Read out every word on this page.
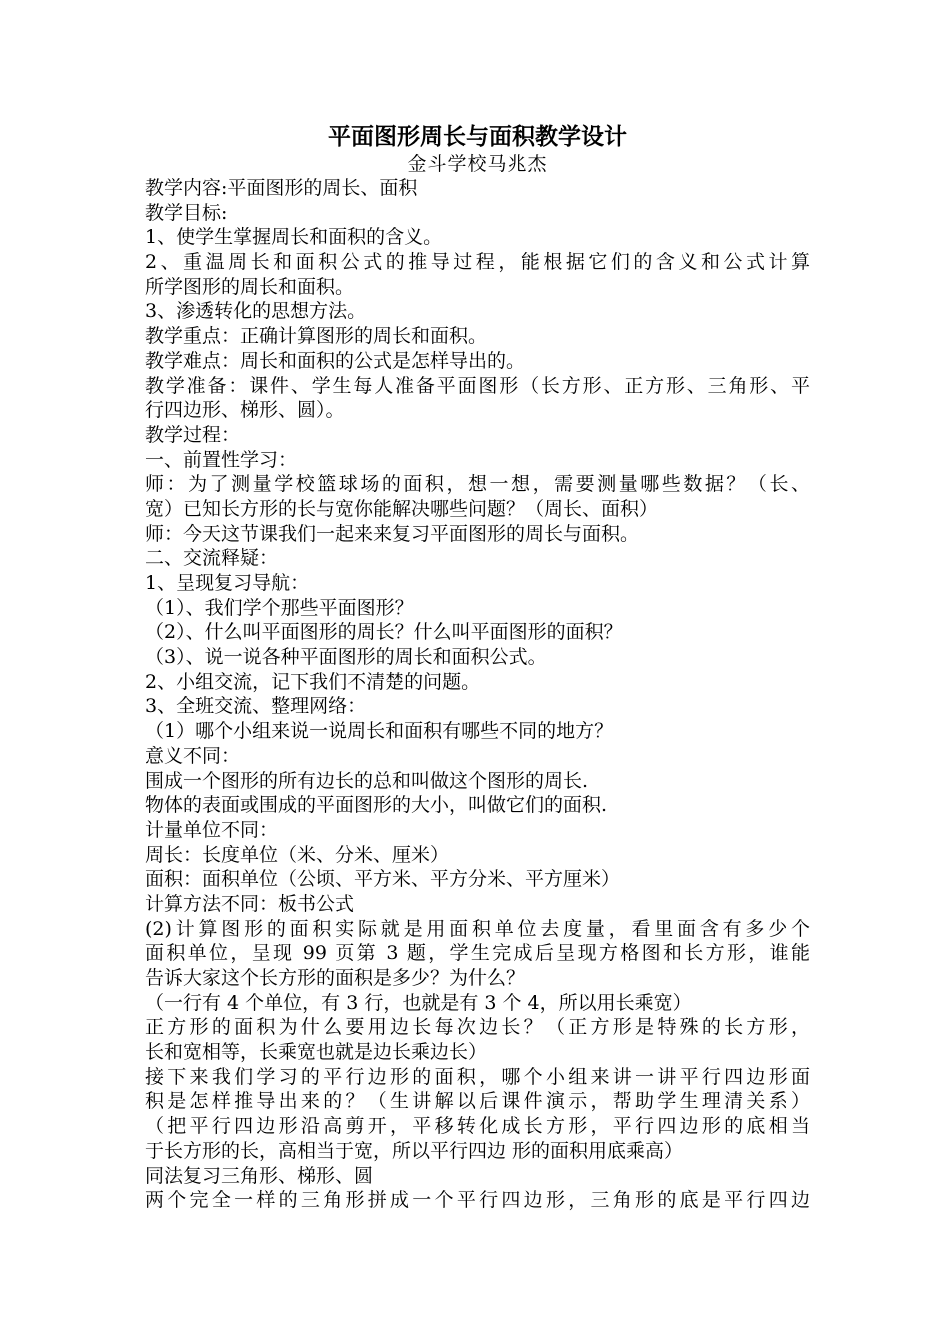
平面图形周长与面积教学设计
金斗学校马兆杰
教学内容:平面图形的周长、面积
教学目标:
1、使学生掌握周长和面积的含义。
2、重温周长和面积公式的推导过程，能根据它们的含义和公式计算
所学图形的周长和面积。
3、渗透转化的思想方法。
教学重点：正确计算图形的周长和面积。
教学难点：周长和面积的公式是怎样导出的。
教学准备：课件、学生每人准备平面图形（长方形、正方形、三角形、平
行四边形、梯形、圆）。
教学过程：
一、前置性学习：
师：为了测量学校篮球场的面积，想一想，需要测量哪些数据？（长、
宽）已知长方形的长与宽你能解决哪些问题？（周长、面积）
师：今天这节课我们一起来来复习平面图形的周长与面积。
二、交流释疑：
1、呈现复习导航：
（1）、我们学个那些平面图形？
（2）、什么叫平面图形的周长？什么叫平面图形的面积？
（3）、说一说各种平面图形的周长和面积公式。
2、小组交流，记下我们不清楚的问题。
3、全班交流、整理网络：
（1）哪个小组来说一说周长和面积有哪些不同的地方？
意义不同：
围成一个图形的所有边长的总和叫做这个图形的周长.
物体的表面或围成的平面图形的大小，叫做它们的面积.
计量单位不同：
周长：长度单位（米、分米、厘米）
面积：面积单位（公顷、平方米、平方分米、平方厘米）
计算方法不同：板书公式
(2)计算图形的面积实际就是用面积单位去度量，看里面含有多少个
面积单位，呈现 99 页第 3 题，学生完成后呈现方格图和长方形，谁能
告诉大家这个长方形的面积是多少？为什么？
（一行有 4 个单位，有 3 行，也就是有 3 个 4，所以用长乘宽）
正方形的面积为什么要用边长每次边长？（正方形是特殊的长方形，
长和宽相等，长乘宽也就是边长乘边长）
接下来我们学习的平行边形的面积，哪个小组来讲一讲平行四边形面
积是怎样推导出来的？（生讲解以后课件演示，帮助学生理清关系）
（把平行四边形沿高剪开，平移转化成长方形，平行四边形的底相当
于长方形的长，高相当于宽，所以平行四边 形的面积用底乘高）
同法复习三角形、梯形、圆
两个完全一样的三角形拼成一个平行四边形，三角形的底是平行四边
